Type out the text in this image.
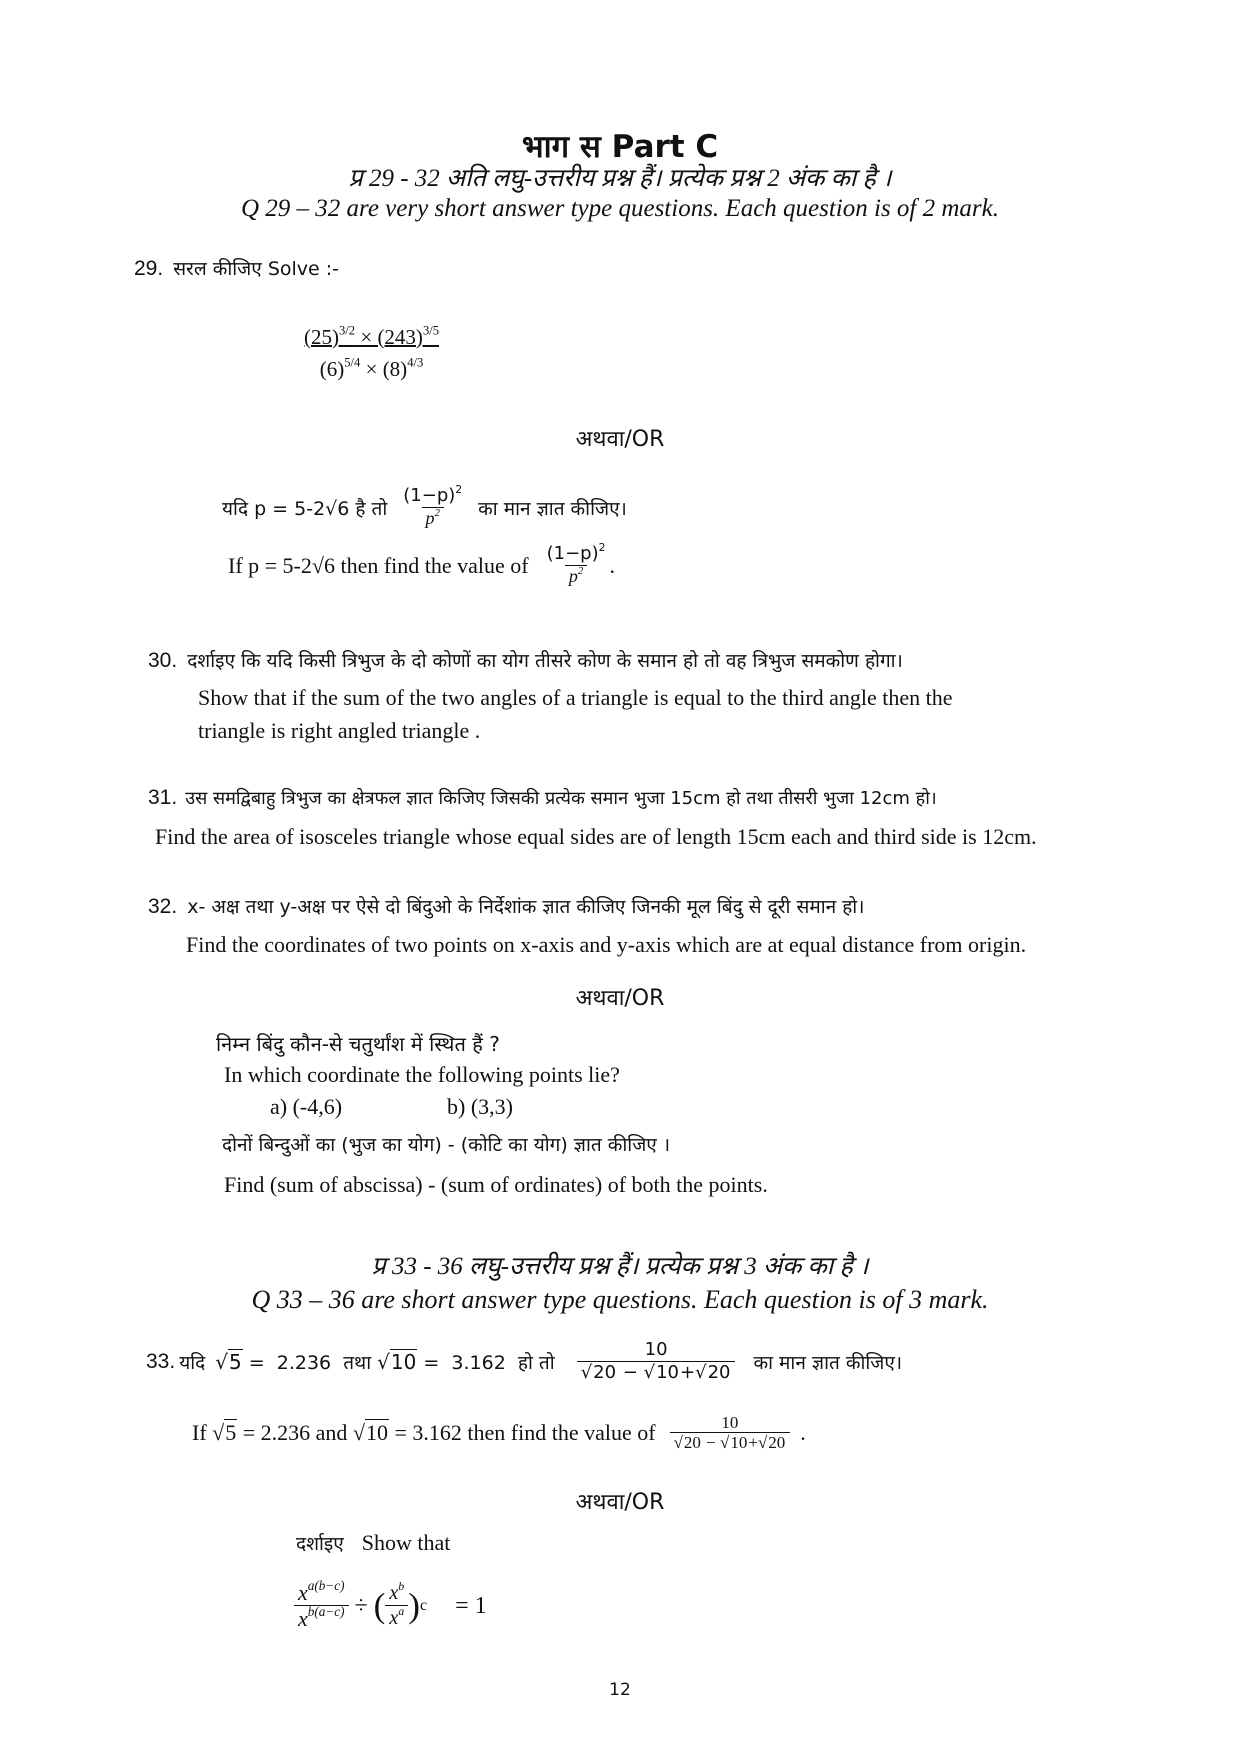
भाग स Part C
प्र 29 - 32 अति लघु-उत्तरीय प्रश्न हैं। प्रत्येक प्रश्न 2 अंक का है ।
Q 29 – 32 are very short answer type questions. Each question is of 2 mark.
29. सरल कीजिए Solve :-
$\frac{(25)^{3/2} \times (243)^{3/5}}{(6)^{5/4} \times (8)^{4/3}}$
अथवा/OR
यदि p = 5-2√6 है तो $\frac{(1-p)^2}{p^2}$ का मान ज्ञात कीजिए।
If p = 5-2√6 then find the value of $\frac{(1-p)^2}{p^2}$ .
30. दर्शाइए कि यदि किसी त्रिभुज के दो कोणों का योग तीसरे कोण के समान हो तो वह त्रिभुज समकोण होगा।
Show that if the sum of the two angles of a triangle is equal to the third angle then the
triangle is right angled triangle .
31. उस समद्विबाहु त्रिभुज का क्षेत्रफल ज्ञात किजिए जिसकी प्रत्येक समान भुजा 15cm हो तथा तीसरी भुजा 12cm हो।
Find the area of isosceles triangle whose equal sides are of length 15cm each and third side is 12cm.
32. x- अक्ष तथा y-अक्ष पर ऐसे दो बिंदुओ के निर्देशांक ज्ञात कीजिए जिनकी मूल बिंदु से दूरी समान हो।
Find the coordinates of two points on x-axis and y-axis which are at equal distance from origin.
अथवा/OR
निम्न बिंदु कौन-से चतुर्थांश में स्थित हैं ?
In which coordinate the following points lie?
a) (-4,6)	b) (3,3)
दोनों बिन्दुओं का (भुज का योग) - (कोटि का योग) ज्ञात कीजिए ।
Find (sum of abscissa) - (sum of ordinates) of both the points.
प्र 33 - 36 लघु-उत्तरीय प्रश्न हैं। प्रत्येक प्रश्न 3 अंक का है ।
Q 33 – 36 are short answer type questions. Each question is of 3 mark.
33. यदि √5 =  2.236  तथा √10 =  3.162  हो तो $\frac{10}{√20 - √10+√20}$ का मान ज्ञात कीजिए।
If √5 = 2.236 and √10 = 3.162 then find the value of $\frac{10}{√20 - √10+√20}$ .
अथवा/OR
दर्शाइए Show that
$\frac{x^{a(b-c)}}{x^{b(a-c)}}$ ÷ ( $\frac{x^b}{x^a}$ ) c = 1
12
